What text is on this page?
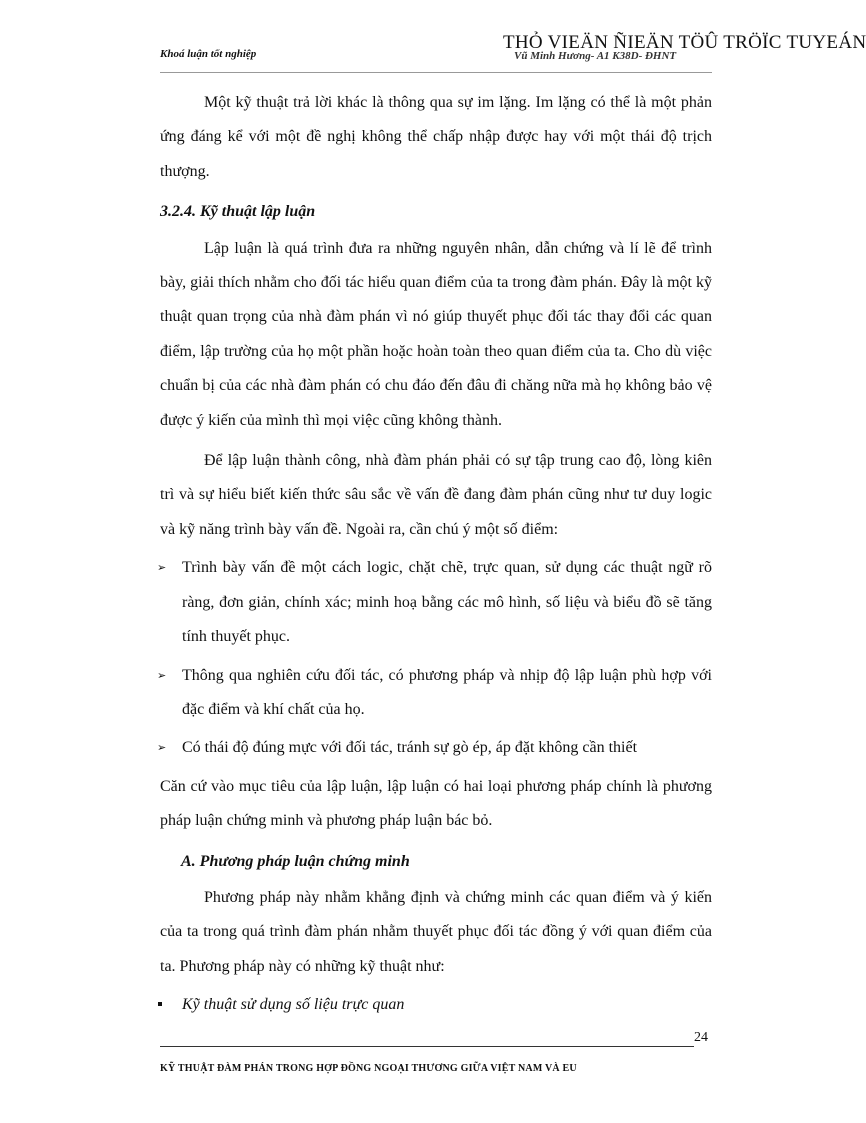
Khoá luận tốt nghiệp	Vũ Minh Hương- A1 K38D- ĐHNT
THỎ VIEÄN ÑIEÄN TÖÛ TRÖÏC TUYEÁN

Một kỹ thuật trả lời khác là thông qua sự im lặng. Im lặng có thể là một phản ứng đáng kể với một đề nghị không thể chấp nhập được hay với một thái độ trịch thượng.

3.2.4. Kỹ thuật lập luận

Lập luận là quá trình đưa ra những nguyên nhân, dẫn chứng và lí lẽ để trình bày, giải thích nhằm cho đối tác hiểu quan điểm của ta trong đàm phán. Đây là một kỹ thuật quan trọng của nhà đàm phán vì nó giúp thuyết phục đối tác thay đổi các quan điểm, lập trường của họ một phần hoặc hoàn toàn theo quan điểm của ta. Cho dù việc chuẩn bị của các nhà đàm phán có chu đáo đến đâu đi chăng nữa mà họ không bảo vệ được ý kiến của mình thì mọi việc cũng không thành.

Để lập luận thành công, nhà đàm phán phải có sự tập trung cao độ, lòng kiên trì và sự hiểu biết kiến thức sâu sắc về vấn đề đang đàm phán cũng như tư duy logic và kỹ năng trình bày vấn đề. Ngoài ra, cần chú ý một số điểm:

➢ Trình bày vấn đề một cách logic, chặt chẽ, trực quan, sử dụng các thuật ngữ rõ ràng, đơn giản, chính xác; minh hoạ bằng các mô hình, số liệu và biểu đồ sẽ tăng tính thuyết phục.
➢ Thông qua nghiên cứu đối tác, có phương pháp và nhịp độ lập luận phù hợp với đặc điểm và khí chất của họ.
➢ Có thái độ đúng mực với đối tác, tránh sự gò ép, áp đặt không cần thiết

Căn cứ vào mục tiêu của lập luận, lập luận có hai loại phương pháp chính là phương pháp luận chứng minh và phương pháp luận bác bỏ.

A. Phương pháp luận chứng minh

Phương pháp này nhằm khẳng định và chứng minh các quan điểm và ý kiến của ta trong quá trình đàm phán nhằm thuyết phục đối tác đồng ý với quan điểm của ta. Phương pháp này có những kỹ thuật như:

Kỹ thuật sử dụng số liệu trực quan
24
KỸ THUẬT ĐÀM PHÁN TRONG HỢP ĐỒNG NGOẠI THƯƠNG GIỮA VIỆT NAM VÀ EU
